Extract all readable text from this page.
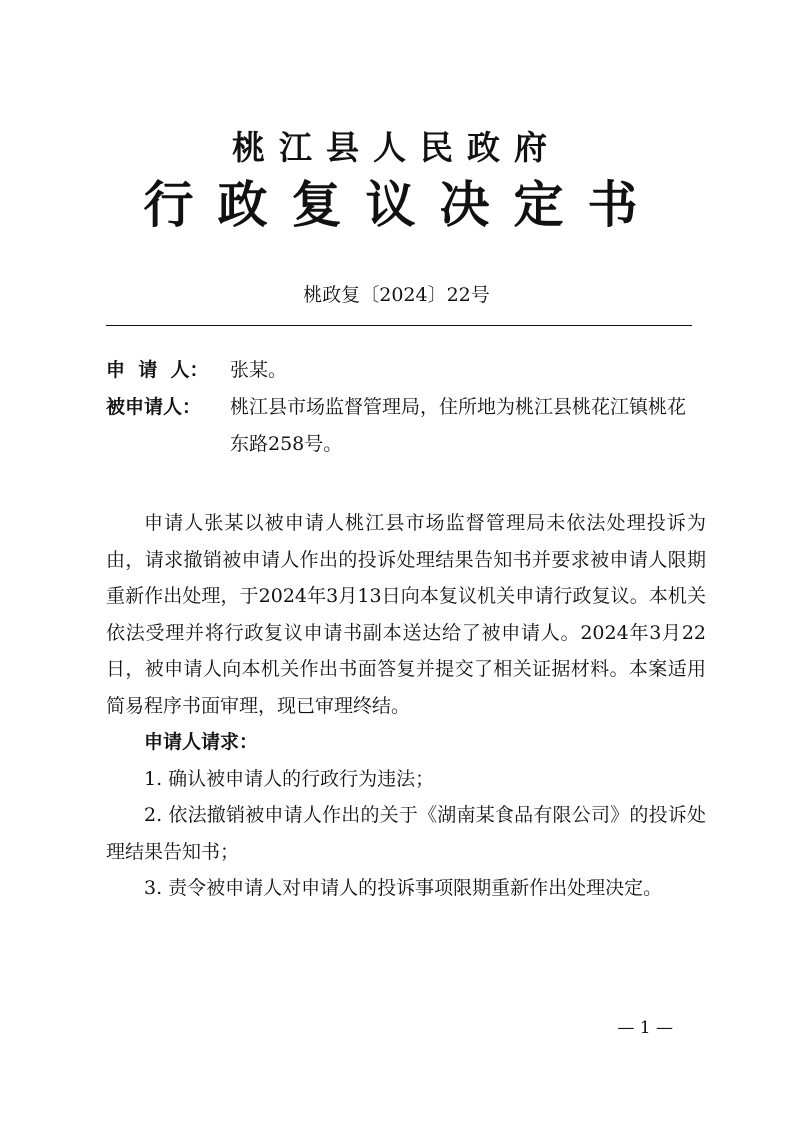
桃江县人民政府
行政复议决定书
桃政复〔2024〕22号
申  请  人： 张某。
被申请人： 桃江县市场监督管理局，住所地为桃江县桃花江镇桃花东路258号。

申请人张某以被申请人桃江县市场监督管理局未依法处理投诉为由，请求撤销被申请人作出的投诉处理结果告知书并要求被申请人限期重新作出处理，于2024年3月13日向本复议机关申请行政复议。本机关依法受理并将行政复议申请书副本送达给了被申请人。2024年3月22日，被申请人向本机关作出书面答复并提交了相关证据材料。本案适用简易程序书面审理，现已审理终结。

申请人请求：

1. 确认被申请人的行政行为违法；

2. 依法撤销被申请人作出的关于《湖南某食品有限公司》的投诉处理结果告知书；

3. 责令被申请人对申请人的投诉事项限期重新作出处理决定。

— 1 —
